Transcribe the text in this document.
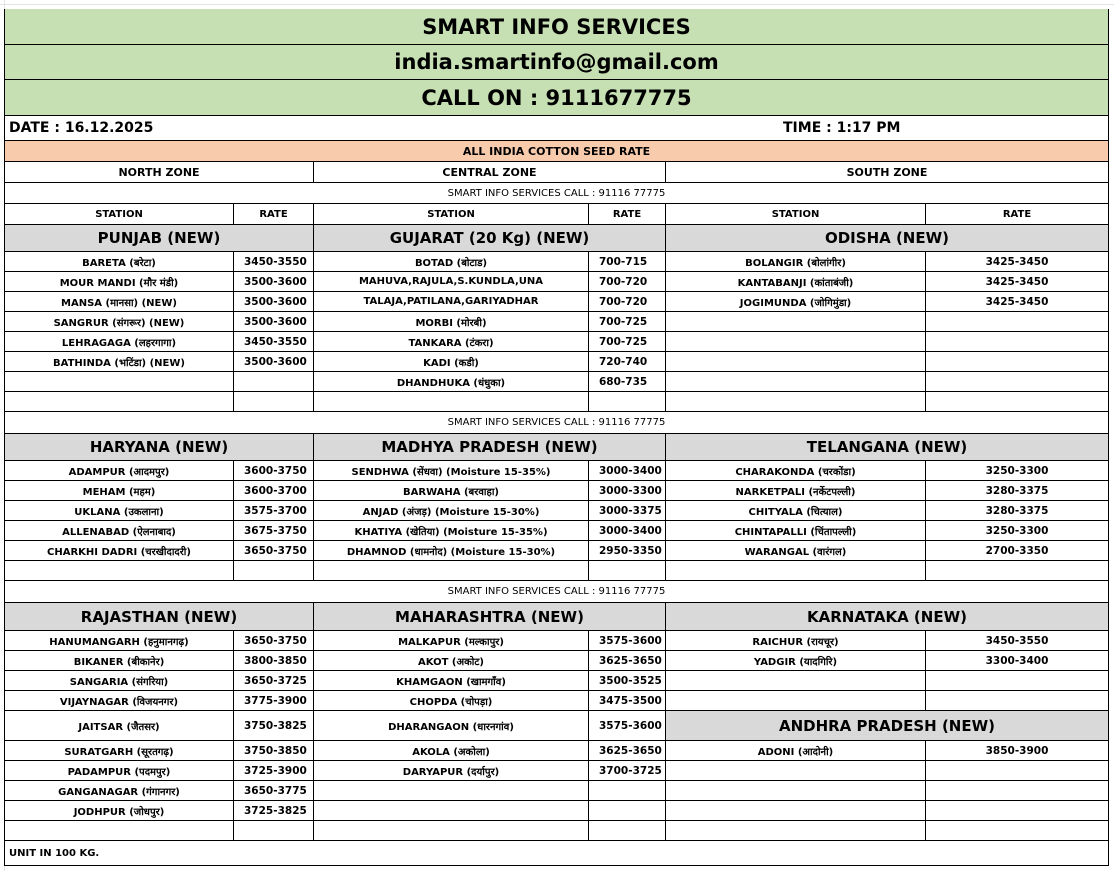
SMART INFO SERVICES
india.smartinfo@gmail.com
CALL ON : 9111677775
DATE : 16.12.2025	TIME : 1:17 PM
ALL INDIA COTTON SEED RATE
NORTH ZONE	CENTRAL ZONE	SOUTH ZONE
SMART INFO SERVICES CALL : 91116 77775
STATION	RATE	STATION	RATE	STATION	RATE
PUNJAB (NEW)
BARETA (बरेटा)	3450-3550
MOUR MANDI (मौर मंडी)	3500-3600
MANSA (मानसा) (NEW)	3500-3600
SANGRUR (संगरूर) (NEW)	3500-3600
LEHRAGAGA (लहरगागा)	3450-3550
BATHINDA (भटिंडा) (NEW)	3500-3600
GUJARAT (20 Kg) (NEW)
BOTAD (बोटाड)	700-715
MAHUVA,RAJULA,S.KUNDLA,UNA	700-720
TALAJA,PATILANA,GARIYADHAR	700-720
MORBI (मोरबी)	700-725
TANKARA (टंकरा)	700-725
KADI (कडी)	720-740
DHANDHUKA (धंधुका)	680-735
ODISHA (NEW)
BOLANGIR (बोलांगीर)	3425-3450
KANTABANJI (कांताबंजी)	3425-3450
JOGIMUNDA (जोगिमुंडा)	3425-3450
SMART INFO SERVICES CALL : 91116 77775
HARYANA (NEW)
ADAMPUR (आदमपुर)	3600-3750
MEHAM (महम)	3600-3700
UKLANA (उकलाना)	3575-3700
ALLENABAD (ऐलनाबाद)	3675-3750
CHARKHI DADRI (चरखीदादरी)	3650-3750
MADHYA PRADESH (NEW)
SENDHWA (सेंधवा) (Moisture 15-35%)	3000-3400
BARWAHA (बरवाहा)	3000-3300
ANJAD (अंजड़) (Moisture 15-30%)	3000-3375
KHATIYA (खेतिया) (Moisture 15-35%)	3000-3400
DHAMNOD (धामनोद) (Moisture 15-30%)	2950-3350
TELANGANA (NEW)
CHARAKONDA (चरकोंडा)	3250-3300
NARKETPALI (नर्केटपल्ली)	3280-3375
CHITYALA (चित्याल)	3280-3375
CHINTAPALLI (चिंतापल्ली)	3250-3300
WARANGAL (वारंगल)	2700-3350
SMART INFO SERVICES CALL : 91116 77775
RAJASTHAN (NEW)
HANUMANGARH (हनुमानगढ़)	3650-3750
BIKANER (बीकानेर)	3800-3850
SANGARIA (संगरिया)	3650-3725
VIJAYNAGAR (विजयनगर)	3775-3900
JAITSAR (जैतसर)	3750-3825
SURATGARH (सूरतगढ़)	3750-3850
PADAMPUR (पदमपुर)	3725-3900
GANGANAGAR (गंगानगर)	3650-3775
JODHPUR (जोधपुर)	3725-3825
MAHARASHTRA (NEW)
MALKAPUR (मल्कापुर)	3575-3600
AKOT (अकोट)	3625-3650
KHAMGAON (खामगाँव)	3500-3525
CHOPDA (चोपड़ा)	3475-3500
DHARANGAON (धारनगांव)	3575-3600
AKOLA (अकोला)	3625-3650
DARYAPUR (दर्यापुर)	3700-3725
KARNATAKA (NEW)
RAICHUR (रायचूर)	3450-3550
YADGIR (यादगिरि)	3300-3400
ANDHRA PRADESH (NEW)
ADONI (आदोनी)	3850-3900
UNIT IN 100 KG.
